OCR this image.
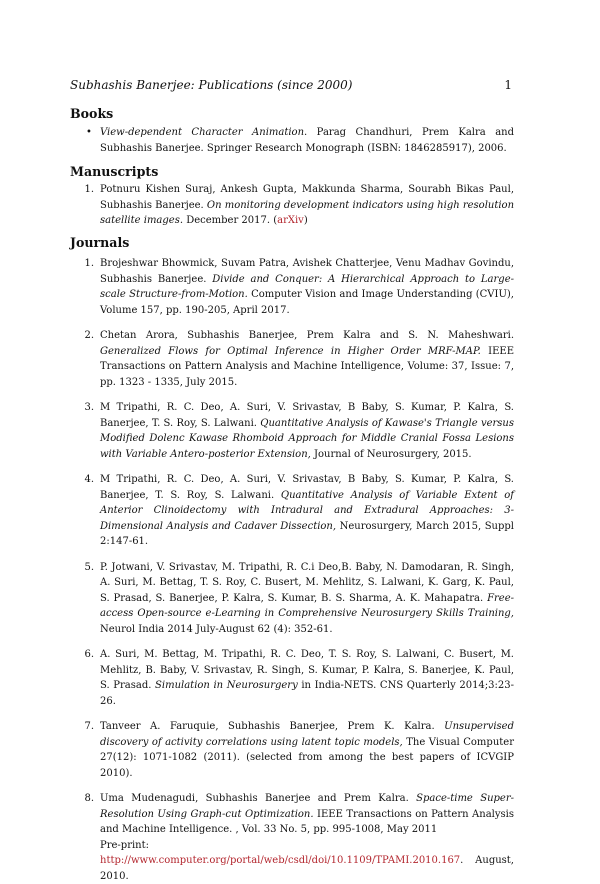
Subhashis Banerjee: Publications (since 2000)	1
Books

• View-dependent Character Animation. Parag Chandhuri, Prem Kalra and Subhashis Banerjee. Springer Research Monograph (ISBN: 1846285917), 2006.

Manuscripts

1. Potnuru Kishen Suraj, Ankesh Gupta, Makkunda Sharma, Sourabh Bikas Paul, Subhashis Banerjee. On monitoring development indicators using high resolution satellite images. December 2017. (arXiv)

Journals

1. Brojeshwar Bhowmick, Suvam Patra, Avishek Chatterjee, Venu Madhav Govindu, Subhashis Banerjee. Divide and Conquer: A Hierarchical Approach to Large-scale Structure-from-Motion. Computer Vision and Image Understanding (CVIU), Volume 157, pp. 190-205, April 2017.

2. Chetan Arora, Subhashis Banerjee, Prem Kalra and S. N. Maheshwari. Generalized Flows for Optimal Inference in Higher Order MRF-MAP. IEEE Transactions on Pattern Analysis and Machine Intelligence, Volume: 37, Issue: 7, pp. 1323 - 1335, July 2015.

3. M Tripathi, R. C. Deo, A. Suri, V. Srivastav, B Baby, S. Kumar, P. Kalra, S. Banerjee, T. S. Roy, S. Lalwani. Quantitative Analysis of Kawase's Triangle versus Modified Dolenc Kawase Rhomboid Approach for Middle Cranial Fossa Lesions with Variable Antero-posterior Extension, Journal of Neurosurgery, 2015.

4. M Tripathi, R. C. Deo, A. Suri, V. Srivastav, B Baby, S. Kumar, P. Kalra, S. Banerjee, T. S. Roy, S. Lalwani. Quantitative Analysis of Variable Extent of Anterior Clinoidectomy with Intradural and Extradural Approaches: 3-Dimensional Analysis and Cadaver Dissection, Neurosurgery, March 2015, Suppl 2:147-61.

5. P. Jotwani, V. Srivastav, M. Tripathi, R. C.i Deo,B. Baby, N. Damodaran, R. Singh, A. Suri, M. Bettag, T. S. Roy, C. Busert, M. Mehlitz, S. Lalwani, K. Garg, K. Paul, S. Prasad, S. Banerjee, P. Kalra, S. Kumar, B. S. Sharma, A. K. Mahapatra. Free-access Open-source e-Learning in Comprehensive Neurosurgery Skills Training, Neurol India 2014 July-August 62 (4): 352-61.

6. A. Suri, M. Bettag, M. Tripathi, R. C. Deo, T. S. Roy, S. Lalwani, C. Busert, M. Mehlitz, B. Baby, V. Srivastav, R. Singh, S. Kumar, P. Kalra, S. Banerjee, K. Paul, S. Prasad. Simulation in Neurosurgery in India-NETS. CNS Quarterly 2014;3:23-26.

7. Tanveer A. Faruquie, Subhashis Banerjee, Prem K. Kalra. Unsupervised discovery of activity correlations using latent topic models, The Visual Computer 27(12): 1071-1082 (2011). (selected from among the best papers of ICVGIP 2010).

8. Uma Mudenagudi, Subhashis Banerjee and Prem Kalra. Space-time Super-Resolution Using Graph-cut Optimization. IEEE Transactions on Pattern Analysis and Machine Intelligence. , Vol. 33 No. 5, pp. 995-1008, May 2011
Pre-print: http://www.computer.org/portal/web/csdl/doi/10.1109/TPAMI.2010.167. August, 2010.
